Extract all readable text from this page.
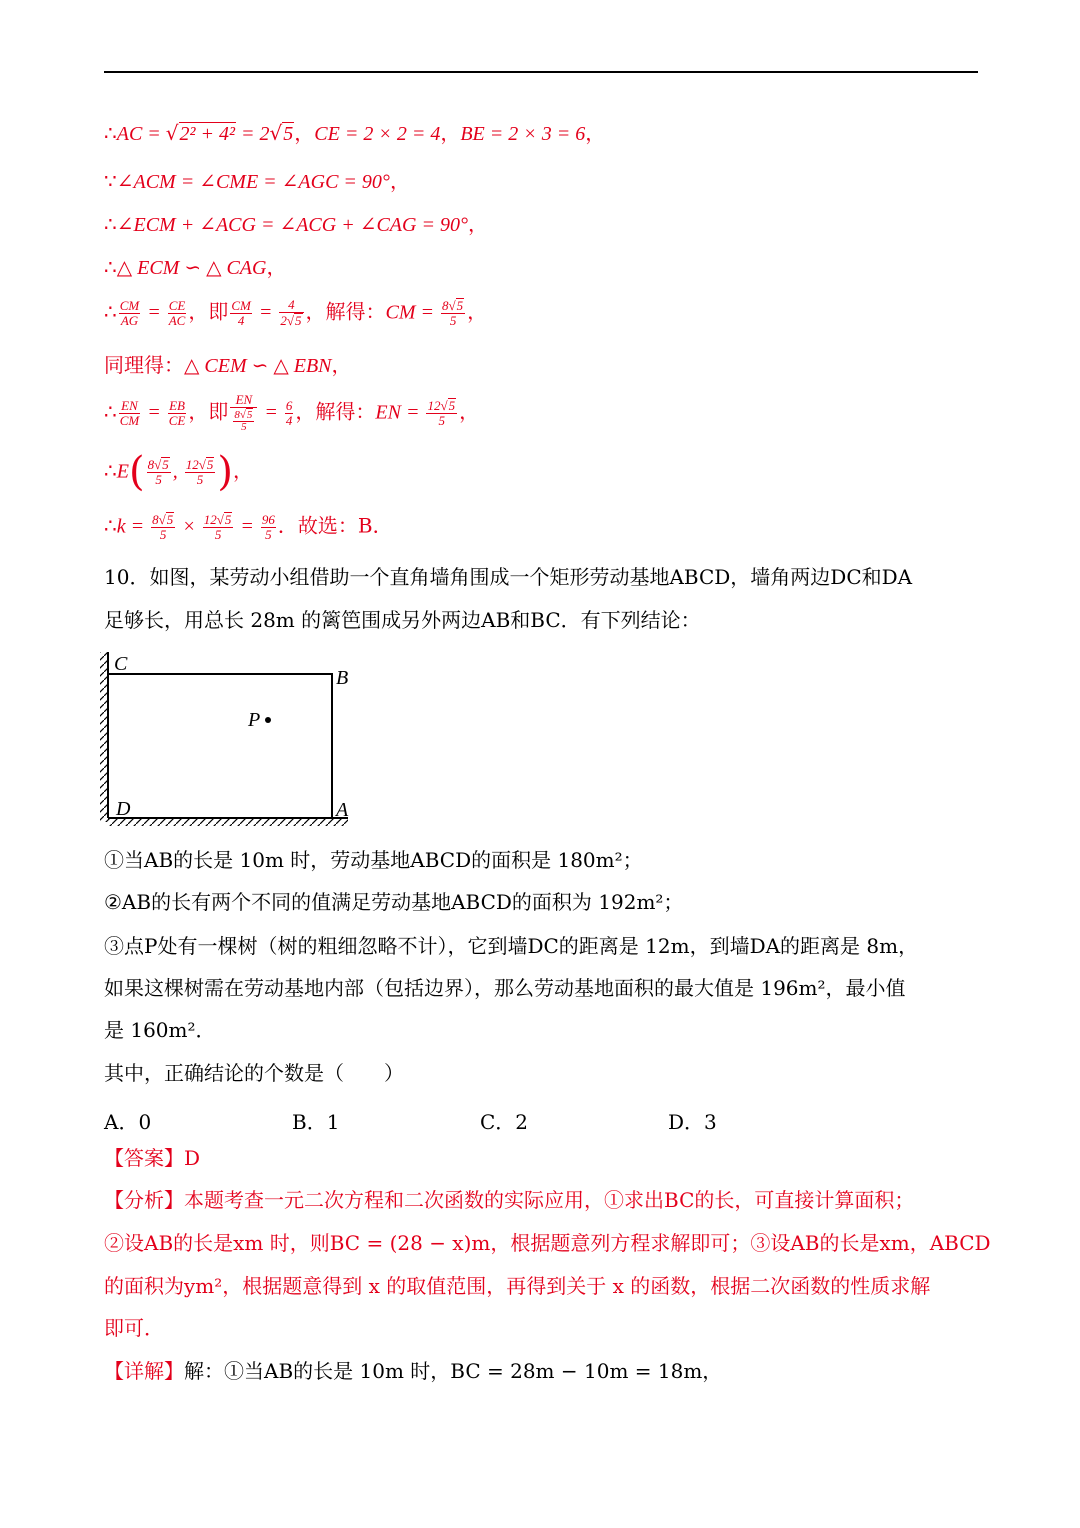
∴AC = √2² + 4² = 2√5，CE = 2 × 2 = 4，BE = 2 × 3 = 6，
∵∠ACM = ∠CME = ∠AGC = 90°，
∴∠ECM + ∠ACG = ∠ACG + ∠CAG = 90°，
∴△ ECM ∽ △ CAG，
∴ $\frac{CM}{AG} = \frac{CE}{AC}$ ，即 $\frac{CM}{4} = \frac{4}{2√5}$ ，解得：CM = $\frac{8√5}{5}$ ，
同理得：△ CEM ∽ △ EBN，
∴ $\frac{EN}{CM} = \frac{EB}{CE}$ ，即 $\frac{EN}{\frac{8√5}{5}} = \frac{6}{4}$ ，解得：EN = $\frac{12√5}{5}$ ，
∴E( $\frac{8√5}{5}$ , $\frac{12√5}{5}$ )，
∴k = $\frac{8√5}{5} \times \frac{12√5}{5} = \frac{96}{5}$ ．故选：B．
10．如图，某劳动小组借助一个直角墙角围成一个矩形劳动基地ABCD，墙角两边DC和DA
足够长，用总长 28m 的篱笆围成另外两边AB和BC．有下列结论：
C
B
D	A
P
①当AB的长是 10m 时，劳动基地ABCD的面积是 180m²；
②AB的长有两个不同的值满足劳动基地ABCD的面积为 192m²；
③点P处有一棵树（树的粗细忽略不计），它到墙DC的距离是 12m，到墙DA的距离是 8m，
如果这棵树需在劳动基地内部（包括边界），那么劳动基地面积的最大值是 196m²，最小值
是 160m²．
其中，正确结论的个数是（　　）
A．0	B．1	C．2	D．3
【答案】D
【分析】本题考查一元二次方程和二次函数的实际应用，①求出BC的长，可直接计算面积；
②设AB的长是xm 时，则BC = (28 − x)m，根据题意列方程求解即可；③设AB的长是xm，ABCD
的面积为ym²，根据题意得到 x 的取值范围，再得到关于 x 的函数，根据二次函数的性质求解
即可．
【详解】解：①当AB的长是 10m 时，BC = 28m − 10m = 18m，
